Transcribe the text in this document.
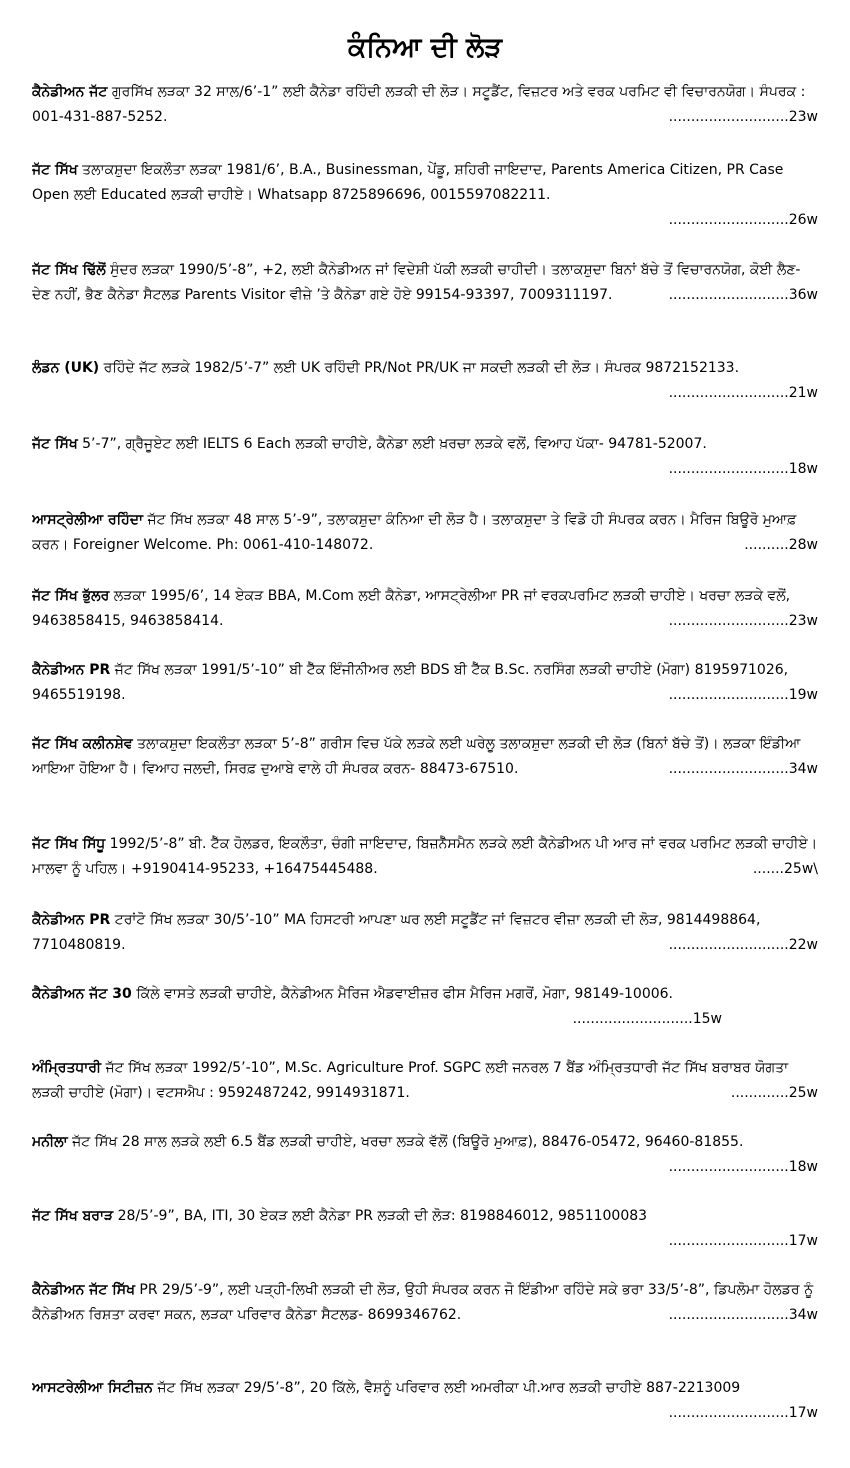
ਕੰਨਿਆ ਦੀ ਲੋੜ
ਕੈਨੇਡੀਅਨ ਜੱਟ ਗੁਰਸਿੱਖ ਲੜਕਾ 32 ਸਾਲ/6’-1” ਲਈ ਕੈਨੇਡਾ ਰਹਿੰਦੀ ਲੜਕੀ ਦੀ ਲੋੜ। ਸਟੂਡੈਂਟ, ਵਿਜ਼ਟਰ ਅਤੇ ਵਰਕ ਪਰਮਿਟ ਵੀ ਵਿਚਾਰਨਯੋਗ। ਸੰਪਰਕ : 001-431-887-5252.	...........................23w
ਜੱਟ ਸਿੱਖ ਤਲਾਕਸ਼ੁਦਾ ਇਕਲੌਤਾ ਲੜਕਾ 1981/6’, B.A., Businessman, ਪੇਂਡੂ, ਸ਼ਹਿਰੀ ਜਾਇਦਾਦ, Parents America Citizen, PR Case Open ਲਈ Educated ਲੜਕੀ ਚਾਹੀਏ। Whatsapp 8725896696, 0015597082211.
...........................26w
ਜੱਟ ਸਿੱਖ ਢਿੱਲੋਂ ਸੁੰਦਰ ਲੜਕਾ 1990/5’-8”, +2, ਲਈ ਕੈਨੇਡੀਅਨ ਜਾਂ ਵਿਦੇਸ਼ੀ ਪੱਕੀ ਲੜਕੀ ਚਾਹੀਦੀ। ਤਲਾਕਸ਼ੁਦਾ ਬਿਨਾਂ ਬੱਚੇ ਤੋਂ ਵਿਚਾਰਨਯੋਗ, ਕੋਈ ਲੈਣ-ਦੇਣ ਨਹੀਂ, ਭੈਣ ਕੈਨੇਡਾ ਸੈਟਲਡ Parents Visitor ਵੀਜ਼ੇ ’ਤੇ ਕੈਨੇਡਾ ਗਏ ਹੋਏ 99154-93397, 7009311197.	...........................36w
ਲੰਡਨ (UK) ਰਹਿੰਦੇ ਜੱਟ ਲੜਕੇ 1982/5’-7” ਲਈ UK ਰਹਿੰਦੀ PR/Not PR/UK ਜਾ ਸਕਦੀ ਲੜਕੀ ਦੀ ਲੋੜ। ਸੰਪਰਕ 9872152133.
...........................21w
ਜੱਟ ਸਿੱਖ 5’-7”, ਗ੍ਰੈਜੂਏਟ ਲਈ IELTS 6 Each ਲੜਕੀ ਚਾਹੀਏ, ਕੈਨੇਡਾ ਲਈ ਖ਼ਰਚਾ ਲੜਕੇ ਵਲੋਂ, ਵਿਆਹ ਪੱਕਾ- 94781-52007.
...........................18w
ਆਸਟ੍ਰੇਲੀਆ ਰਹਿੰਦਾ ਜੱਟ ਸਿੱਖ ਲੜਕਾ 48 ਸਾਲ 5’-9”, ਤਲਾਕਸ਼ੁਦਾ ਕੰਨਿਆ ਦੀ ਲੋੜ ਹੈ। ਤਲਾਕਸ਼ੁਦਾ ਤੇ ਵਿਡੋ ਹੀ ਸੰਪਰਕ ਕਰਨ। ਮੈਰਿਜ ਬਿਊਰੋ ਮੁਆਫ਼ ਕਰਨ। Foreigner Welcome. Ph: 0061-410-148072.	..........28w
ਜੱਟ ਸਿੱਖ ਭੁੱਲਰ ਲੜਕਾ 1995/6’, 14 ਏਕੜ BBA, M.Com ਲਈ ਕੈਨੇਡਾ, ਆਸਟ੍ਰੇਲੀਆ PR ਜਾਂ ਵਰਕਪਰਮਿਟ ਲੜਕੀ ਚਾਹੀਏ। ਖਰਚਾ ਲੜਕੇ ਵਲੋਂ, 9463858415, 9463858414.	...........................23w
ਕੈਨੇਡੀਅਨ PR ਜੱਟ ਸਿੱਖ ਲੜਕਾ 1991/5’-10” ਬੀ ਟੈੱਕ ਇੰਜੀਨੀਅਰ ਲਈ BDS ਬੀ ਟੈੱਕ B.Sc. ਨਰਸਿੰਗ ਲੜਕੀ ਚਾਹੀਏ (ਮੋਗਾ) 8195971026, 9465519198.	...........................19w
ਜੱਟ ਸਿੱਖ ਕਲੀਨਸ਼ੇਵ ਤਲਾਕਸ਼ੁਦਾ ਇਕਲੌਤਾ ਲੜਕਾ 5’-8” ਗਰੀਸ ਵਿਚ ਪੱਕੇ ਲੜਕੇ ਲਈ ਘਰੇਲੂ ਤਲਾਕਸ਼ੁਦਾ ਲੜਕੀ ਦੀ ਲੋੜ (ਬਿਨਾਂ ਬੱਚੇ ਤੋਂ)। ਲੜਕਾ ਇੰਡੀਆ ਆਇਆ ਹੋਇਆ ਹੈ। ਵਿਆਹ ਜਲਦੀ, ਸਿਰਫ਼ ਦੁਆਬੇ ਵਾਲੇ ਹੀ ਸੰਪਰਕ ਕਰਨ- 88473-67510.	...........................34w
ਜੱਟ ਸਿੱਖ ਸਿੱਧੂ 1992/5’-8” ਬੀ. ਟੈੱਕ ਹੋਲਡਰ, ਇਕਲੌਤਾ, ਚੰਗੀ ਜਾਇਦਾਦ, ਬਿਜ਼ਨੈੱਸਮੈਨ ਲੜਕੇ ਲਈ ਕੈਨੇਡੀਅਨ ਪੀ ਆਰ ਜਾਂ ਵਰਕ ਪਰਮਿਟ ਲੜਕੀ ਚਾਹੀਏ। ਮਾਲਵਾ ਨੂੰ ਪਹਿਲ। +9190414-95233, +16475445488.	.......25w\
ਕੈਨੇਡੀਅਨ PR ਟਰਾਂਟੋ ਸਿੱਖ ਲੜਕਾ 30/5’-10” MA ਹਿਸਟਰੀ ਆਪਣਾ ਘਰ ਲਈ ਸਟੂਡੈਂਟ ਜਾਂ ਵਿਜ਼ਟਰ ਵੀਜ਼ਾ ਲੜਕੀ ਦੀ ਲੋੜ, 9814498864, 7710480819.	...........................22w
ਕੈਨੇਡੀਅਨ ਜੱਟ 30 ਕਿੱਲੇ ਵਾਸਤੇ ਲੜਕੀ ਚਾਹੀਏ, ਕੈਨੇਡੀਅਨ ਮੈਰਿਜ ਐਡਵਾਈਜ਼ਰ ਫੀਸ ਮੈਰਿਜ ਮਗਰੋਂ, ਮੋਗਾ, 98149-10006.
...........................15w
ਅੰਮ੍ਰਿਤਧਾਰੀ ਜੱਟ ਸਿੱਖ ਲੜਕਾ 1992/5’-10”, M.Sc. Agriculture Prof. SGPC ਲਈ ਜਨਰਲ 7 ਬੈਂਡ ਅੰਮ੍ਰਿਤਧਾਰੀ ਜੱਟ ਸਿੱਖ ਬਰਾਬਰ ਯੋਗਤਾ ਲੜਕੀ ਚਾਹੀਏ (ਮੋਗਾ)। ਵਟਸਐਪ : 9592487242, 9914931871.	.............25w
ਮਨੀਲਾ ਜੱਟ ਸਿੱਖ 28 ਸਾਲ ਲੜਕੇ ਲਈ 6.5 ਬੈਂਡ ਲੜਕੀ ਚਾਹੀਏ, ਖਰਚਾ ਲੜਕੇ ਵੱਲੋਂ (ਬਿਊਰੋ ਮੁਆਫ਼), 88476-05472, 96460-81855.
...........................18w
ਜੱਟ ਸਿੱਖ ਬਰਾੜ 28/5’-9”, BA, ITI, 30 ਏਕੜ ਲਈ ਕੈਨੇਡਾ PR ਲੜਕੀ ਦੀ ਲੋੜ: 8198846012, 9851100083
...........................17w
ਕੈਨੇਡੀਅਨ ਜੱਟ ਸਿੱਖ PR 29/5’-9”, ਲਈ ਪੜ੍ਹੀ-ਲਿਖੀ ਲੜਕੀ ਦੀ ਲੋੜ, ਉਹੀ ਸੰਪਰਕ ਕਰਨ ਜੋ ਇੰਡੀਆ ਰਹਿੰਦੇ ਸਕੇ ਭਰਾ 33/5’-8”, ਡਿਪਲੋਮਾ ਹੋਲਡਰ ਨੂੰ ਕੈਨੇਡੀਅਨ ਰਿਸ਼ਤਾ ਕਰਵਾ ਸਕਨ, ਲੜਕਾ ਪਰਿਵਾਰ ਕੈਨੇਡਾ ਸੈਟਲਡ- 8699346762.	...........................34w
ਆਸਟਰੇਲੀਆ ਸਿਟੀਜ਼ਨ ਜੱਟ ਸਿੱਖ ਲੜਕਾ 29/5’-8”, 20 ਕਿੱਲੇ, ਵੈਸ਼ਨੂੰ ਪਰਿਵਾਰ ਲਈ ਅਮਰੀਕਾ ਪੀ.ਆਰ ਲੜਕੀ ਚਾਹੀਏ 887-2213009
...........................17w
